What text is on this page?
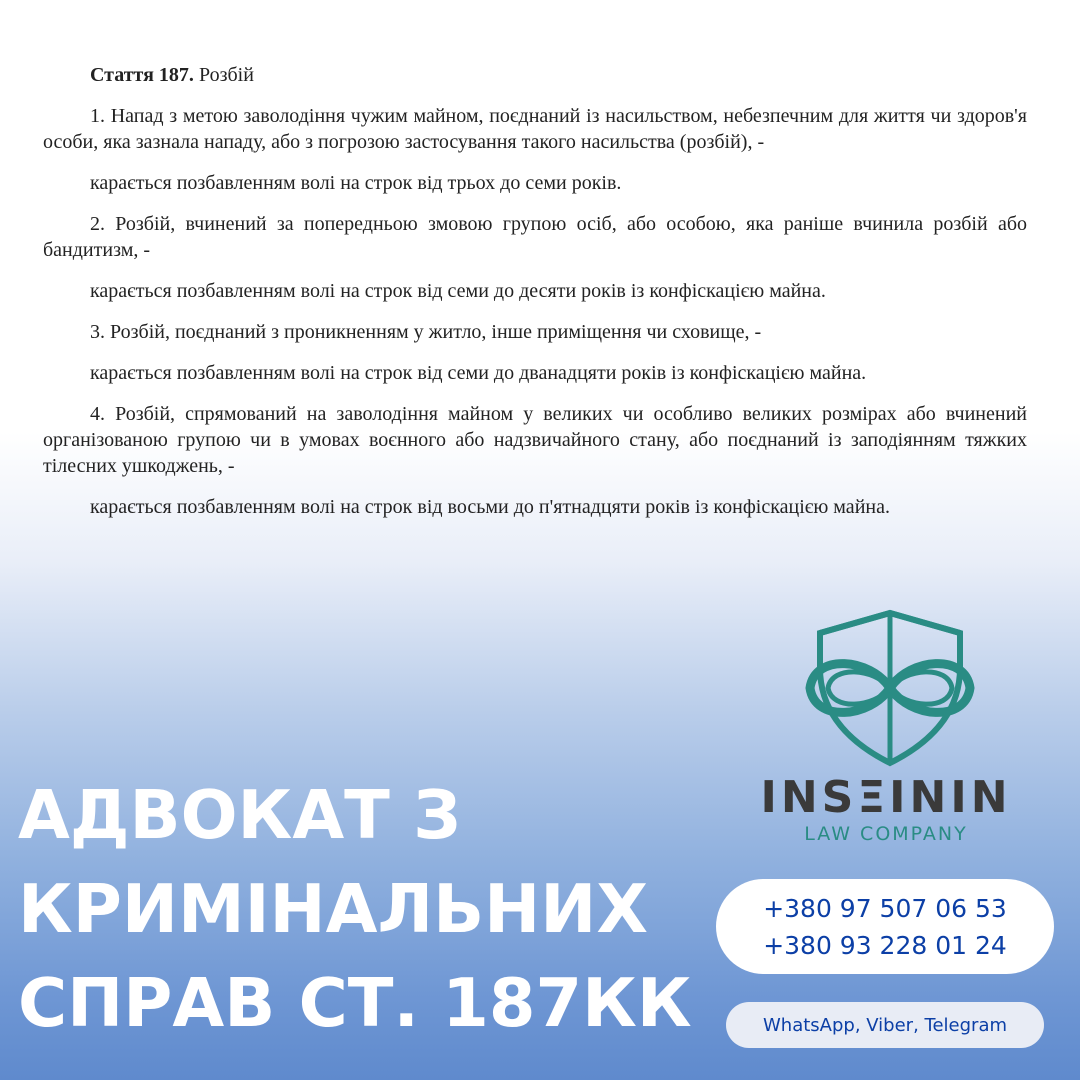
Стаття 187. Розбій

1. Напад з метою заволодіння чужим майном, поєднаний із насильством, небезпечним для життя чи здоров'я особи, яка зазнала нападу, або з погрозою застосування такого насильства (розбій), -

карається позбавленням волі на строк від трьох до семи років.

2. Розбій, вчинений за попередньою змовою групою осіб, або особою, яка раніше вчинила розбій або бандитизм, -

карається позбавленням волі на строк від семи до десяти років із конфіскацією майна.

3. Розбій, поєднаний з проникненням у житло, інше приміщення чи сховище, -

карається позбавленням волі на строк від семи до дванадцяти років із конфіскацією майна.

4. Розбій, спрямований на заволодіння майном у великих чи особливо великих розмірах або вчинений організованою групою чи в умовах воєнного або надзвичайного стану, або поєднаний із заподіянням тяжких тілесних ушкоджень, -

карається позбавленням волі на строк від восьми до п'ятнадцяти років із конфіскацією майна.

АДВОКАТ З
КРИМІНАЛЬНИХ
СПРАВ СТ. 187КК
INSΞININ
LAW COMPANY
+380 97 507 06 53
+380 93 228 01 24
WhatsApp, Viber, Telegram
